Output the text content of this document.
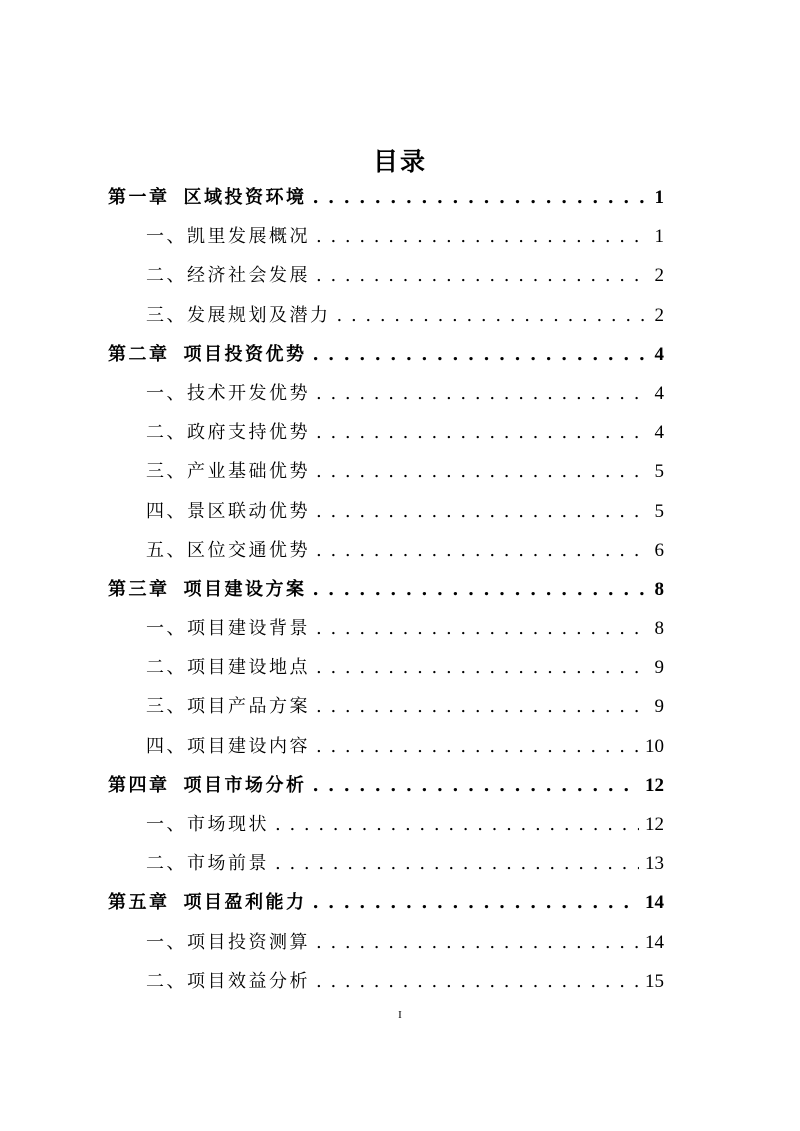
目录
第一章 区域投资环境 . . .	1
一、凯里发展概况 . . .	1
二、经济社会发展 . . .	2
三、发展规划及潜力 . . .	2
第二章 项目投资优势 . . .	4
一、技术开发优势 . . .	4
二、政府支持优势 . . .	4
三、产业基础优势 . . .	5
四、景区联动优势 . . .	5
五、区位交通优势 . . .	6
第三章 项目建设方案 . . .	8
一、项目建设背景 . . .	8
二、项目建设地点 . . .	9
三、项目产品方案 . . .	9
四、项目建设内容 . . .	10
第四章 项目市场分析 . . .	12
一、市场现状 . . .	12
二、市场前景 . . .	13
第五章 项目盈利能力 . . .	14
一、项目投资测算 . . .	14
二、项目效益分析 . . .	15
I
